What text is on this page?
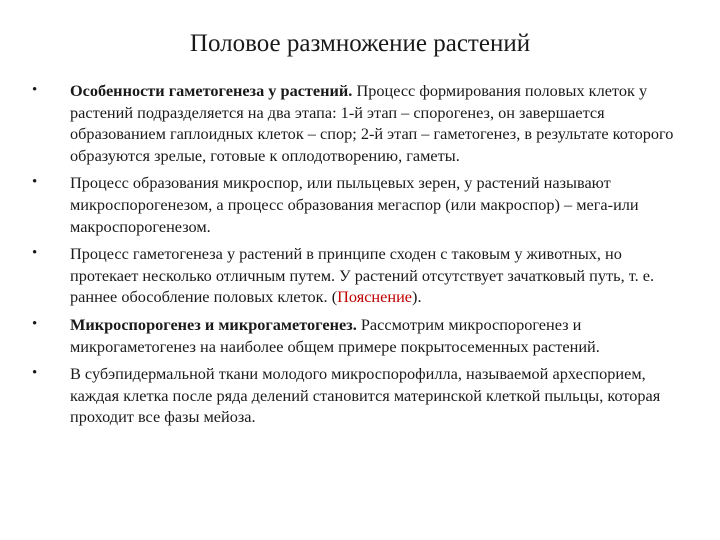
Половое размножение растений
• Особенности гаметогенеза у растений. Процесс формирования половых клеток у растений подразделяется на два этапа: 1-й этап – спорогенез, он завершается образованием гаплоидных клеток – спор; 2-й этап – гаметогенез, в результате которого образуются зрелые, готовые к оплодотворению, гаметы.
• Процесс образования микроспор, или пыльцевых зерен, у растений называют микроспорогенезом, а процесс образования мегаспор (или макроспор) – мега-или макроспорогенезом.
• Процесс гаметогенеза у растений в принципе сходен с таковым у животных, но протекает несколько отличным путем. У растений отсутствует зачатковый путь, т. е. раннее обособление половых клеток. (Пояснение).
• Микроспорогенез и микрогаметогенез. Рассмотрим микроспорогенез и микрогаметогенез на наиболее общем примере покрытосеменных растений.
• В субэпидермальной ткани молодого микроспорофилла, называемой археспорием, каждая клетка после ряда делений становится материнской клеткой пыльцы, которая проходит все фазы мейоза.
